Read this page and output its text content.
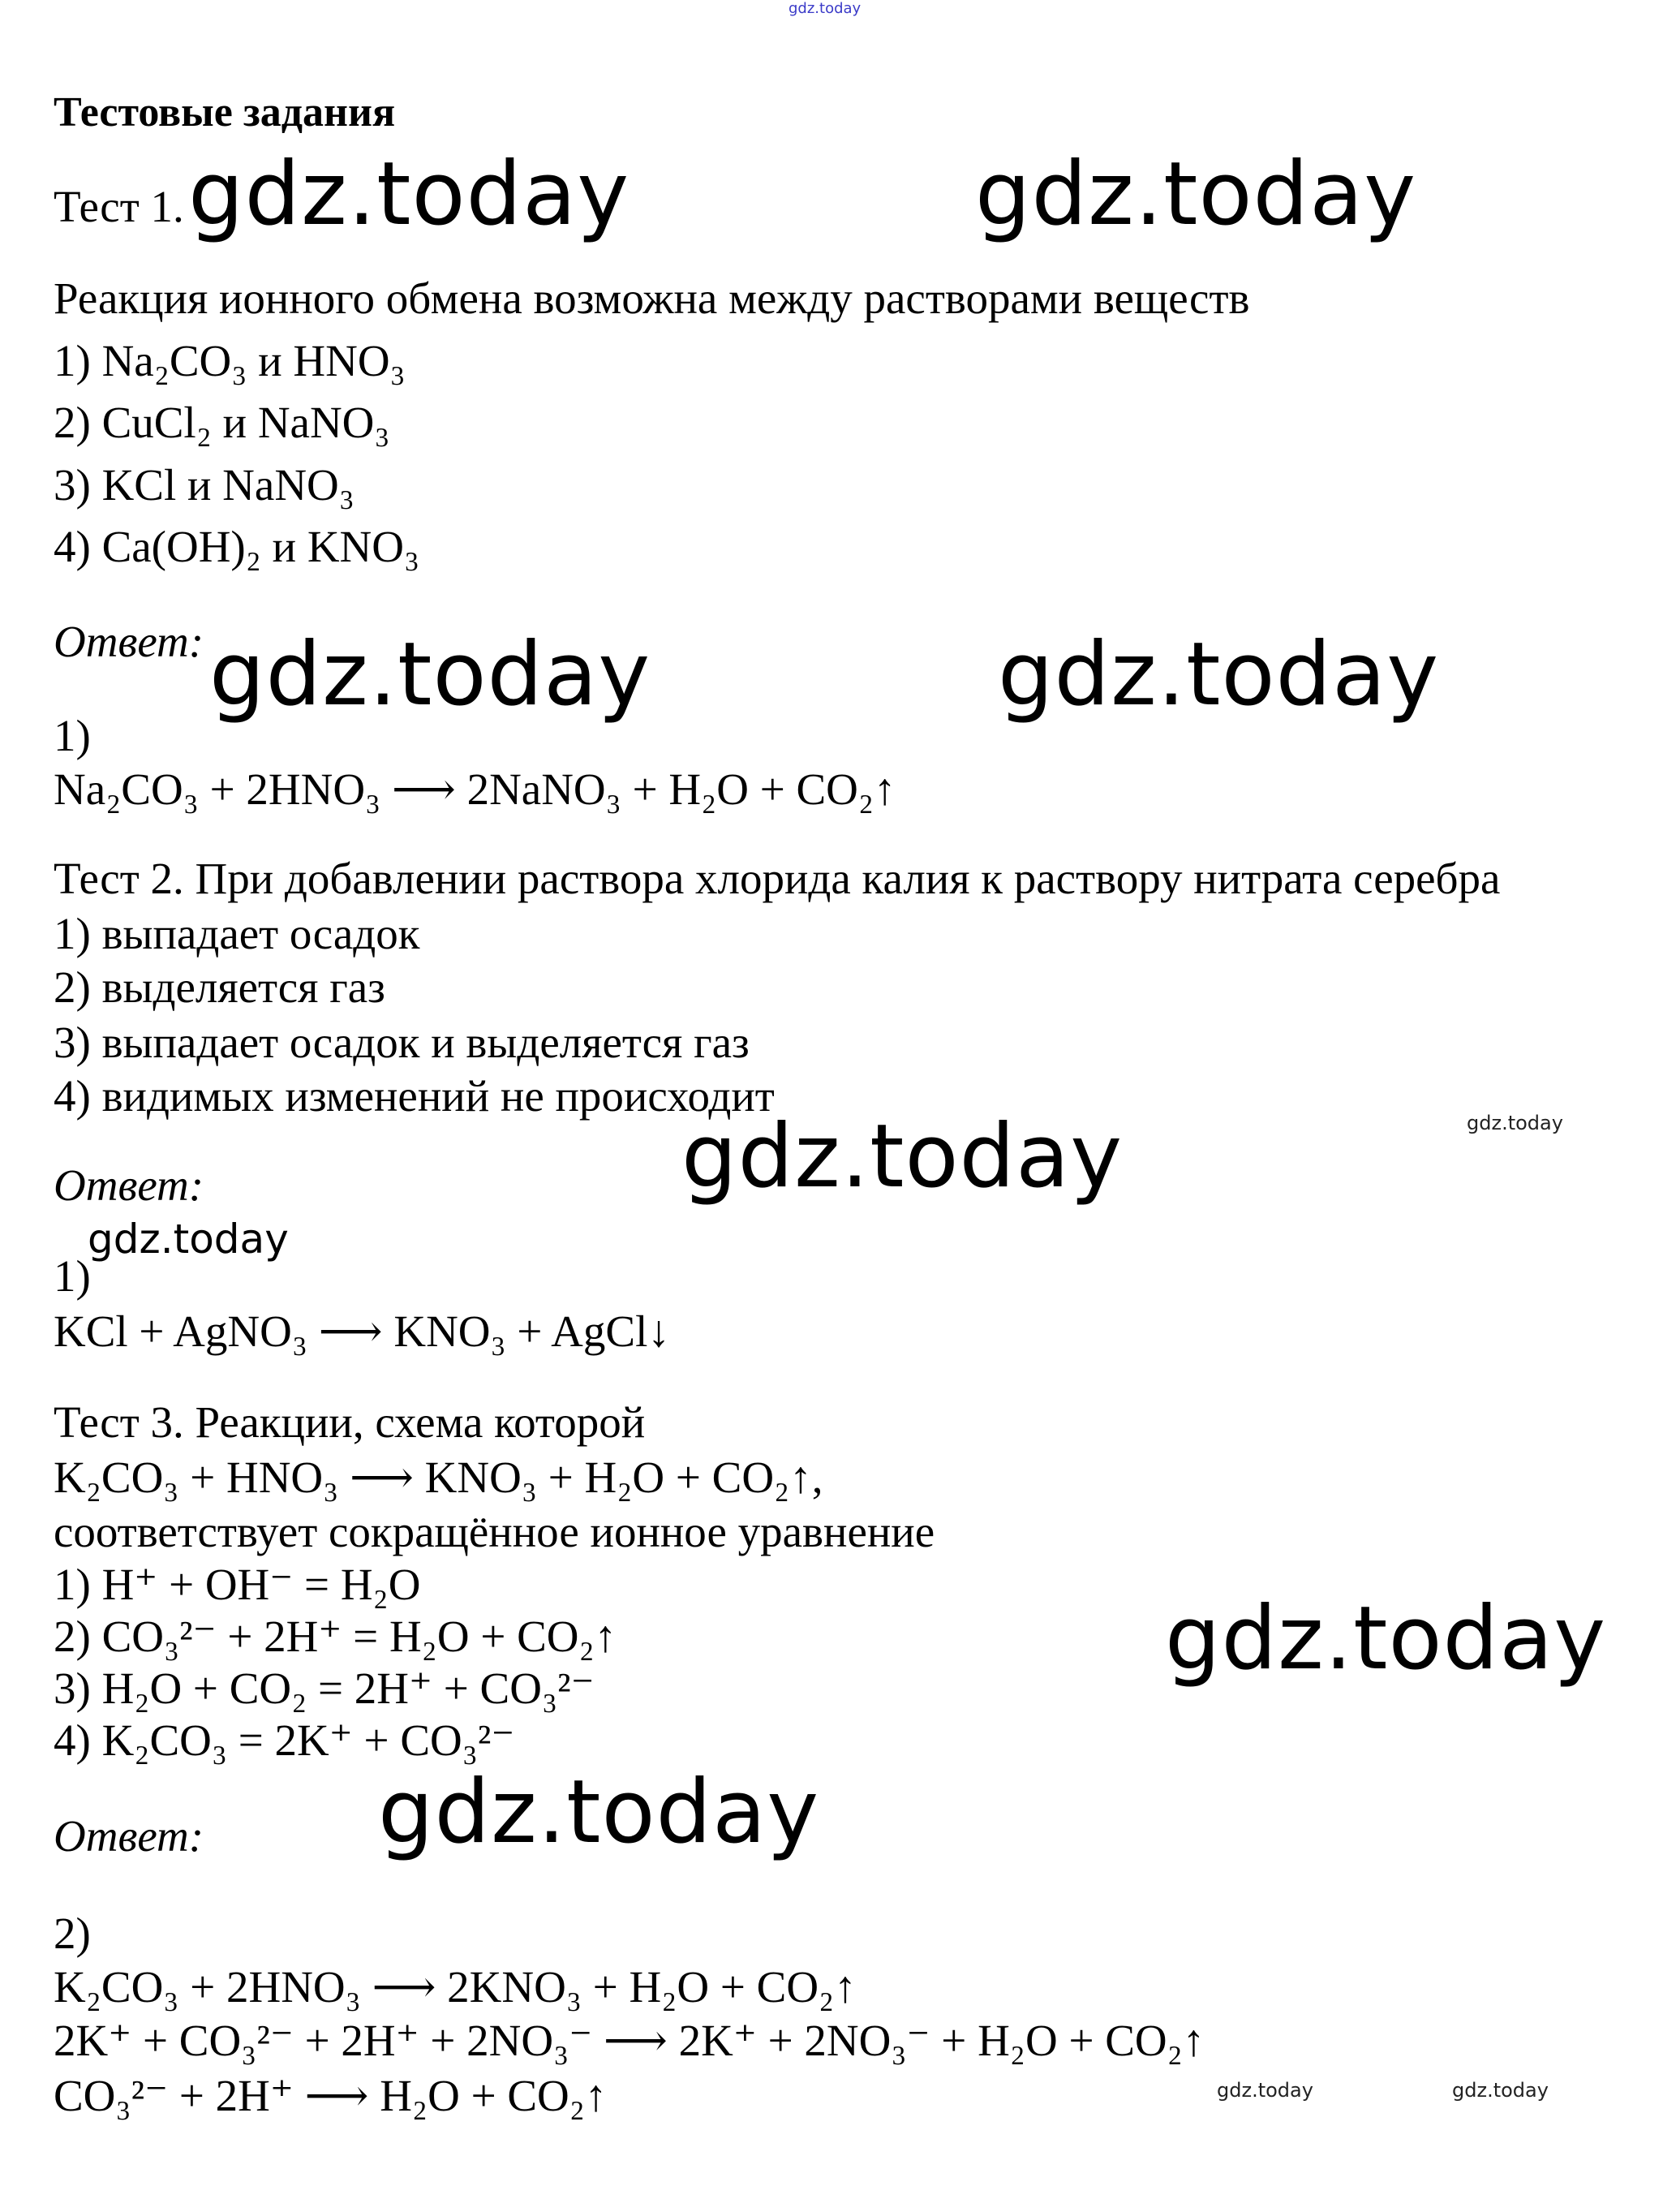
gdz.today
gdz.today	gdz.today
gdz.today	gdz.today
gdz.today
gdz.today
gdz.today
gdz.today
gdz.today
gdz.today	gdz.today
Тестовые задания
Тест 1.
Реакция ионного обмена возможна между растворами веществ
1) Na₂CO₃ и HNO₃
2) CuCl₂ и NaNO₃
3) KCl и NaNO₃
4) Ca(OH)₂ и KNO₃
Ответ:
1)
Na₂CO₃ + 2HNO₃ ⟶ 2NaNO₃ + H₂O + CO₂↑
Тест 2. При добавлении раствора хлорида калия к раствору нитрата серебра
1) выпадает осадок
2) выделяется газ
3) выпадает осадок и выделяется газ
4) видимых изменений не происходит
Ответ:
1)
KCl + AgNO₃ ⟶ KNO₃ + AgCl↓
Тест 3. Реакции, схема которой
K₂CO₃ + HNO₃ ⟶ KNO₃ + H₂O + CO₂↑,
соответствует сокращённое ионное уравнение
1) H⁺ + OH⁻ = H₂O
2) CO₃²⁻ + 2H⁺ = H₂O + CO₂↑
3) H₂O + CO₂ = 2H⁺ + CO₃²⁻
4) K₂CO₃ = 2K⁺ + CO₃²⁻
Ответ:
2)
K₂CO₃ + 2HNO₃ ⟶ 2KNO₃ + H₂O + CO₂↑
2K⁺ + CO₃²⁻ + 2H⁺ + 2NO₃⁻ ⟶ 2K⁺ + 2NO₃⁻ + H₂O + CO₂↑
CO₃²⁻ + 2H⁺ ⟶ H₂O + CO₂↑
